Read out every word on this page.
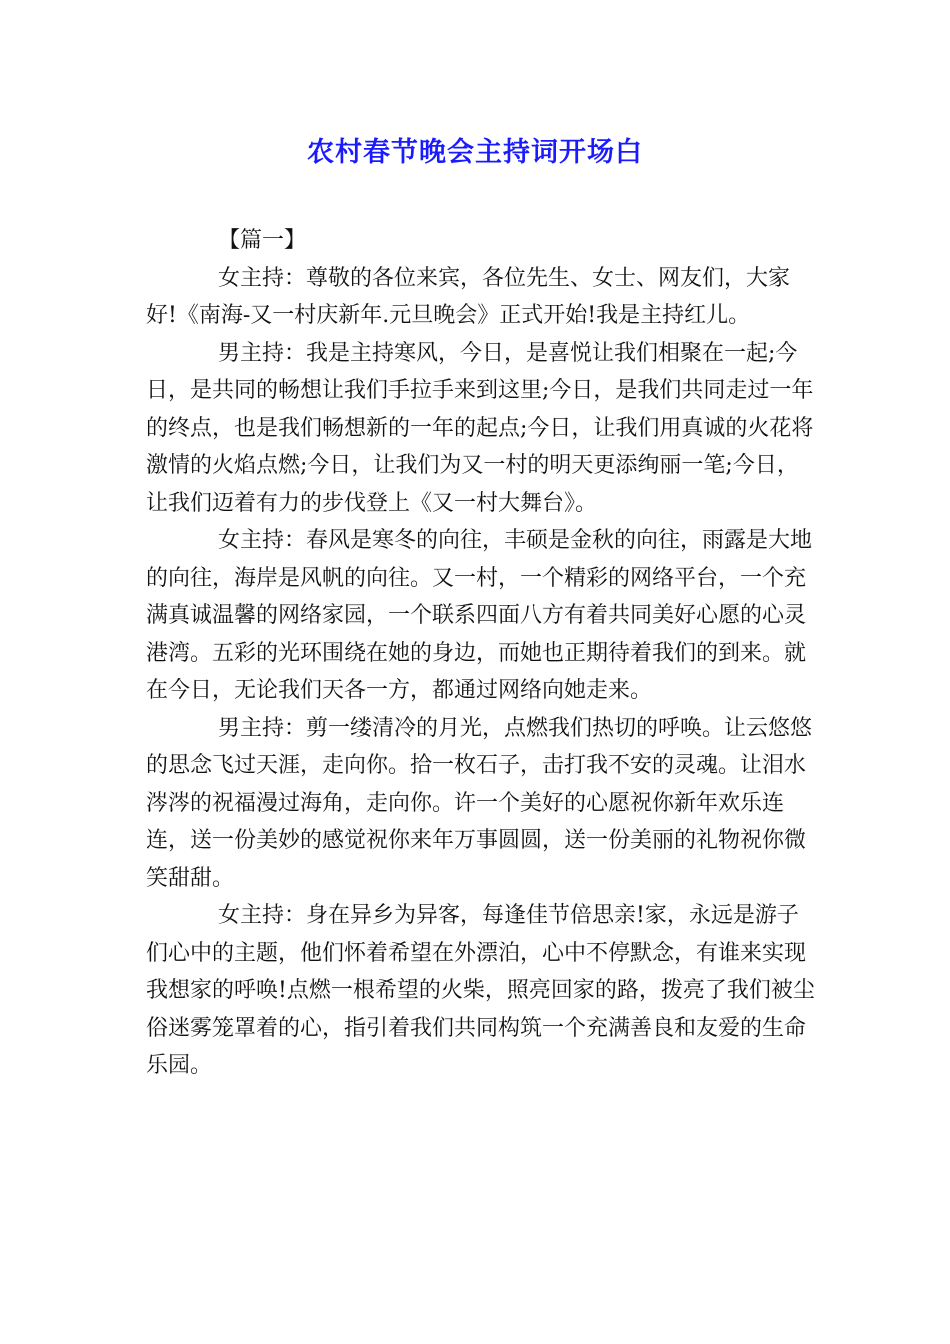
农村春节晚会主持词开场白

【篇一】

女主持：尊敬的各位来宾，各位先生、女士、网友们，大家好!《南海-又一村庆新年.元旦晚会》正式开始!我是主持红儿。

男主持：我是主持寒风，今日，是喜悦让我们相聚在一起;今日，是共同的畅想让我们手拉手来到这里;今日，是我们共同走过一年的终点，也是我们畅想新的一年的起点;今日，让我们用真诚的火花将激情的火焰点燃;今日，让我们为又一村的明天更添绚丽一笔;今日，让我们迈着有力的步伐登上《又一村大舞台》。

女主持：春风是寒冬的向往，丰硕是金秋的向往，雨露是大地的向往，海岸是风帆的向往。又一村，一个精彩的网络平台，一个充满真诚温馨的网络家园，一个联系四面八方有着共同美好心愿的心灵港湾。五彩的光环围绕在她的身边，而她也正期待着我们的到来。就在今日，无论我们天各一方，都通过网络向她走来。

男主持：剪一缕清冷的月光，点燃我们热切的呼唤。让云悠悠的思念飞过天涯，走向你。拾一枚石子，击打我不安的灵魂。让泪水涔涔的祝福漫过海角，走向你。许一个美好的心愿祝你新年欢乐连连，送一份美妙的感觉祝你来年万事圆圆，送一份美丽的礼物祝你微笑甜甜。

女主持：身在异乡为异客，每逢佳节倍思亲!家，永远是游子们心中的主题，他们怀着希望在外漂泊，心中不停默念，有谁来实现我想家的呼唤!点燃一根希望的火柴，照亮回家的路，拨亮了我们被尘俗迷雾笼罩着的心，指引着我们共同构筑一个充满善良和友爱的生命乐园。
